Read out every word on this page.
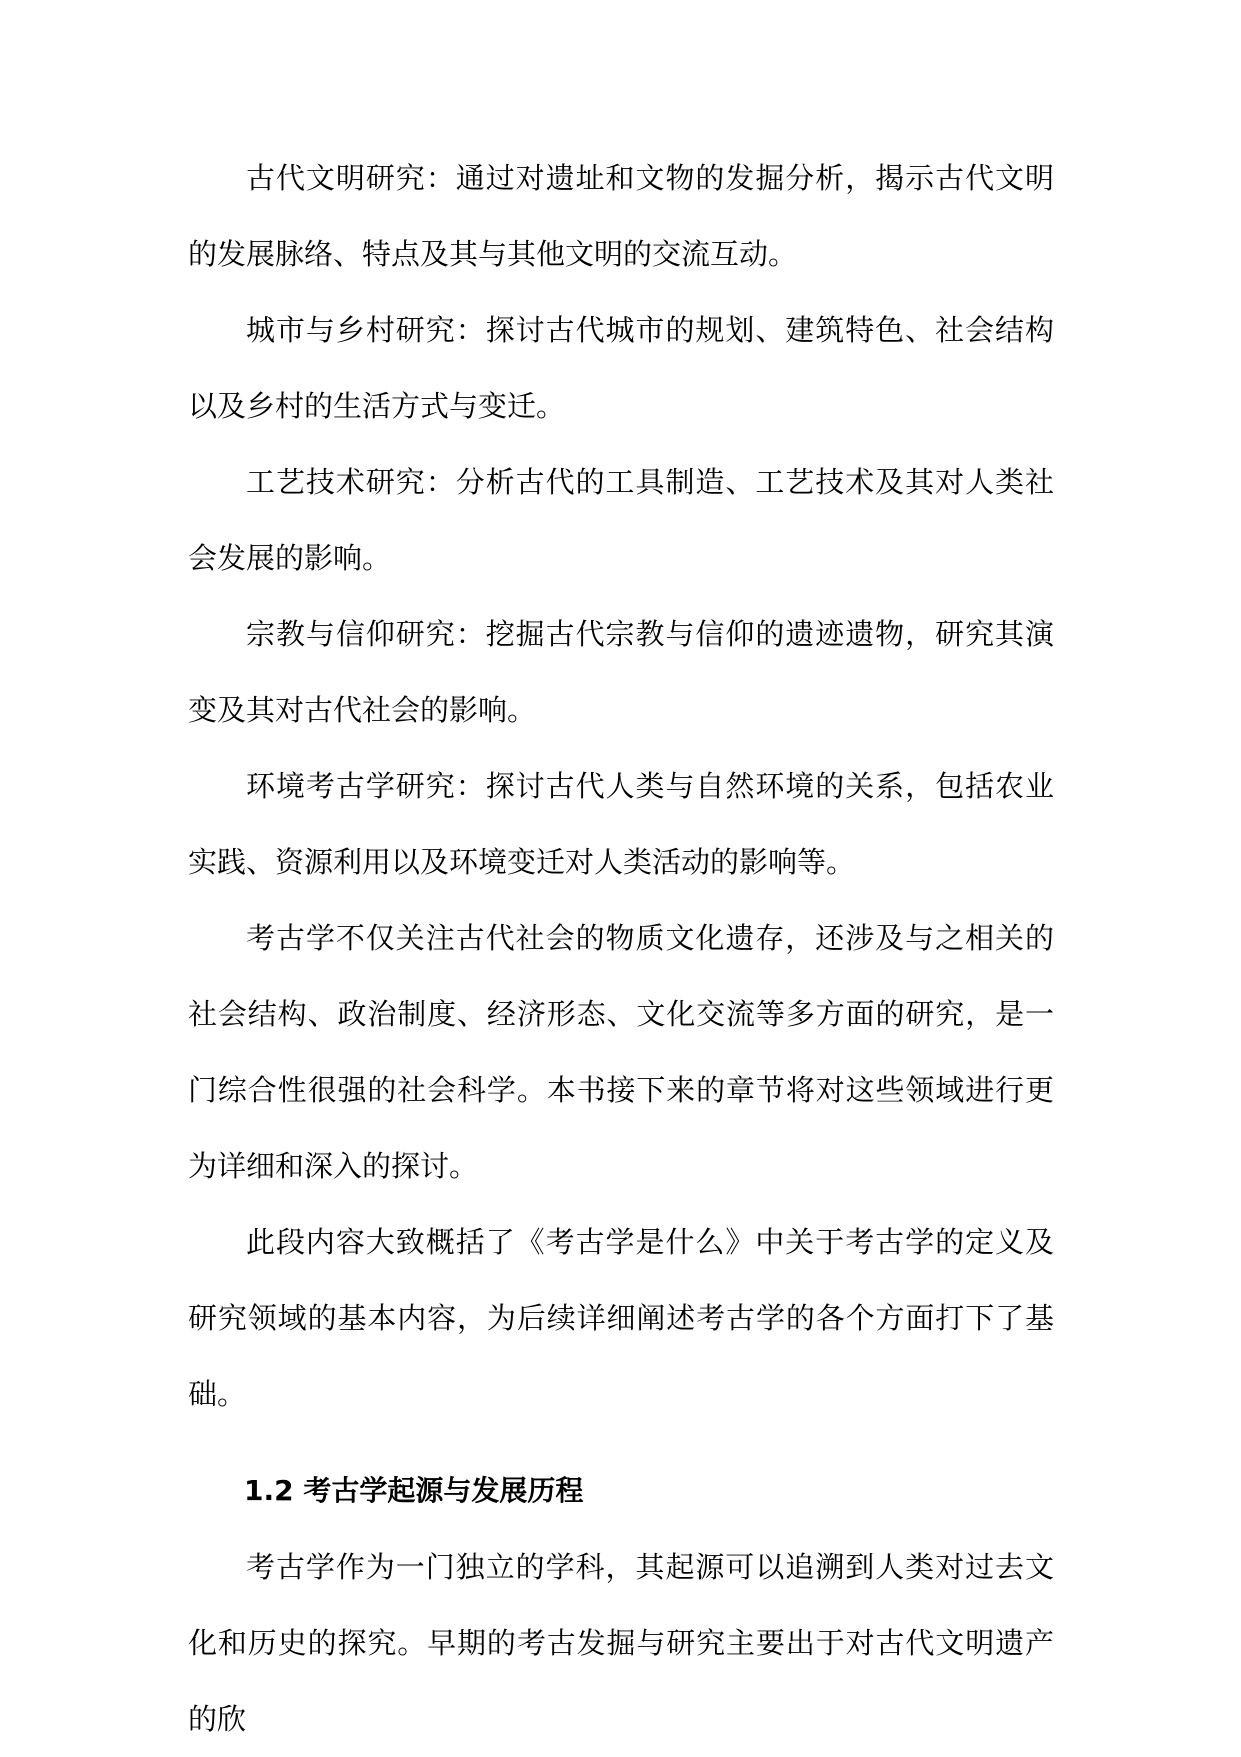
古代文明研究：通过对遗址和文物的发掘分析，揭示古代文明的发展脉络、特点及其与其他文明的交流互动。

城市与乡村研究：探讨古代城市的规划、建筑特色、社会结构以及乡村的生活方式与变迁。

工艺技术研究：分析古代的工具制造、工艺技术及其对人类社会发展的影响。

宗教与信仰研究：挖掘古代宗教与信仰的遗迹遗物，研究其演变及其对古代社会的影响。

环境考古学研究：探讨古代人类与自然环境的关系，包括农业实践、资源利用以及环境变迁对人类活动的影响等。

考古学不仅关注古代社会的物质文化遗存，还涉及与之相关的社会结构、政治制度、经济形态、文化交流等多方面的研究，是一门综合性很强的社会科学。本书接下来的章节将对这些领域进行更为详细和深入的探讨。

此段内容大致概括了《考古学是什么》中关于考古学的定义及研究领域的基本内容，为后续详细阐述考古学的各个方面打下了基础。

1.2 考古学起源与发展历程

考古学作为一门独立的学科，其起源可以追溯到人类对过去文化和历史的探究。早期的考古发掘与研究主要出于对古代文明遗产的欣
